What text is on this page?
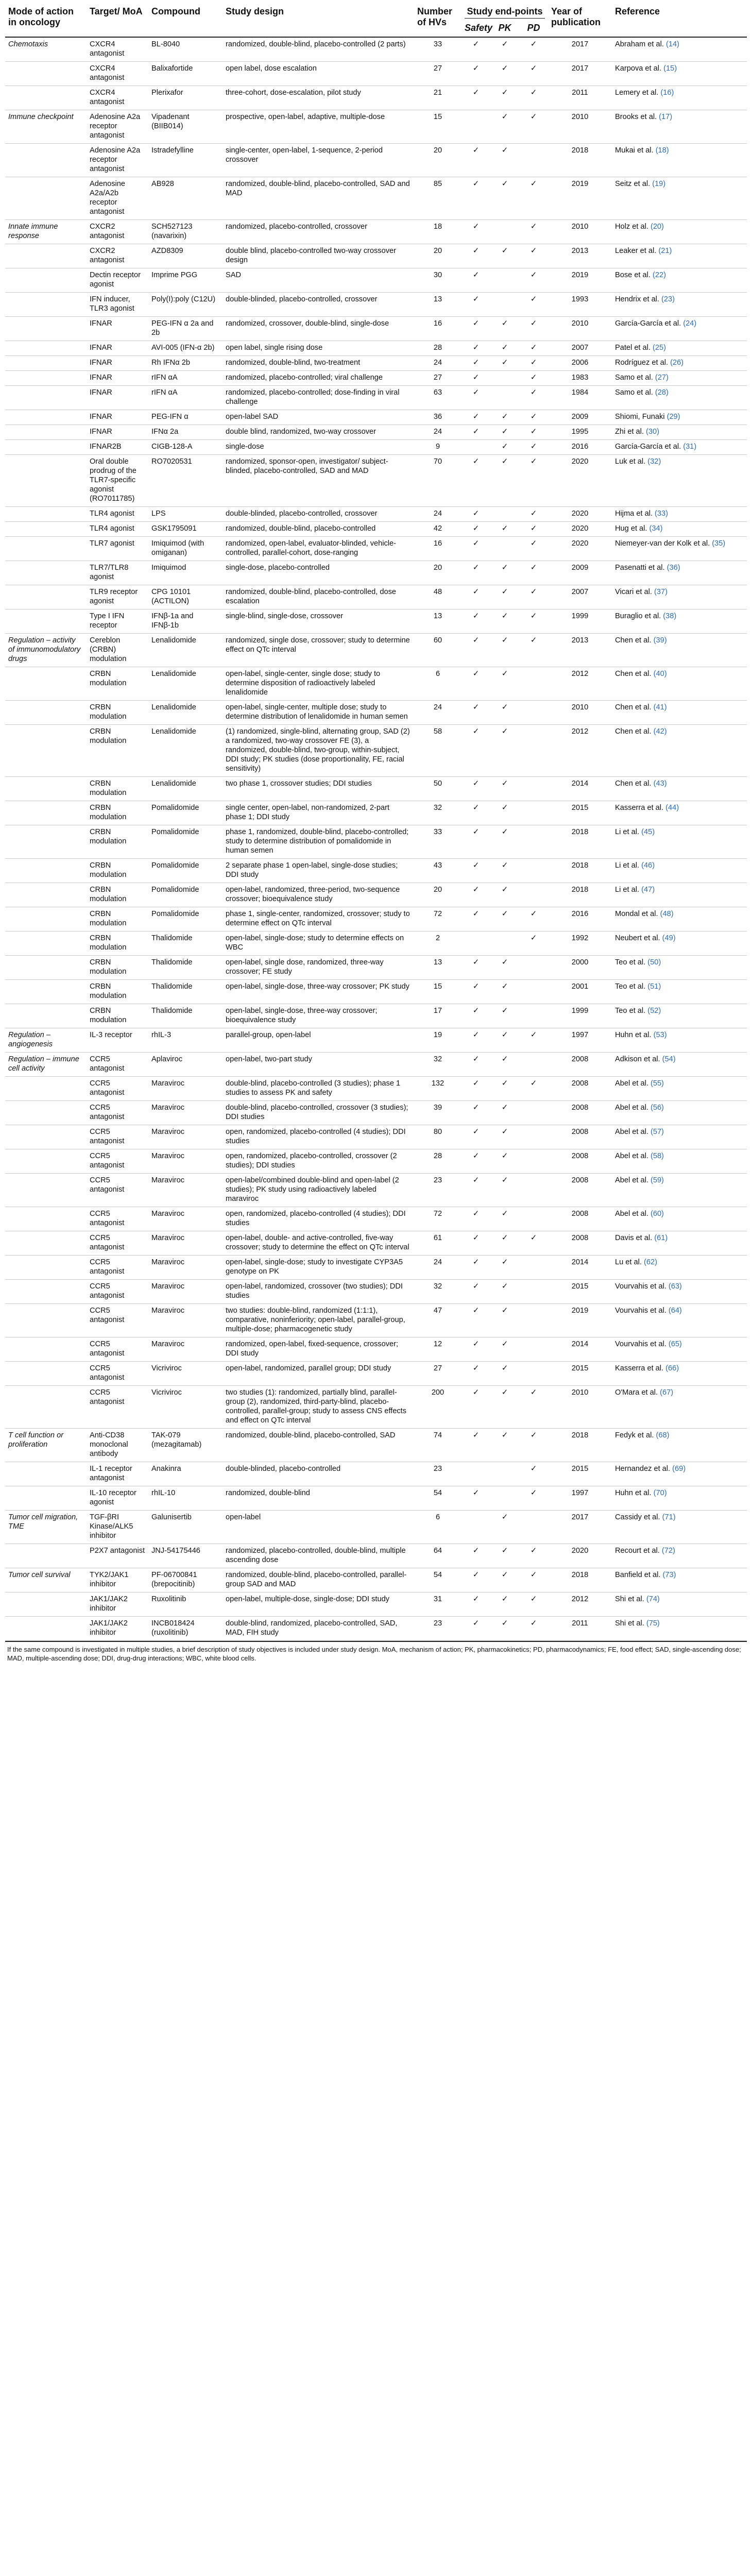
Mode of action in oncology	Target/ MoA	Compound	Study design	Number of HVs	Study end-points			Year of publication	Reference
					Safety	PK	PD		
Chemotaxis	CXCR4 antagonist	BL-8040	randomized, double-blind, placebo-controlled (2 parts)	33	✓	✓	✓	2017	Abraham et al. (14)
	CXCR4 antagonist	Balixafortide	open label, dose escalation	27	✓	✓	✓	2017	Karpova et al. (15)
	CXCR4 antagonist	Plerixafor	three-cohort, dose-escalation, pilot study	21	✓	✓	✓	2011	Lemery et al. (16)
Immune checkpoint	Adenosine A2a receptor antagonist	Vipadenant (BIIB014)	prospective, open-label, adaptive, multiple-dose	15		✓	✓	2010	Brooks et al. (17)
	Adenosine A2a receptor antagonist	Istradefylline	single-center, open-label, 1-sequence, 2-period crossover	20	✓	✓		2018	Mukai et al. (18)
	Adenosine A2a/A2b receptor antagonist	AB928	randomized, double-blind, placebo-controlled, SAD and MAD	85	✓	✓	✓	2019	Seitz et al. (19)
Innate immune response	CXCR2 antagonist	SCH527123 (navarixin)	randomized, placebo-controlled, crossover	18	✓		✓	2010	Holz et al. (20)
	CXCR2 antagonist	AZD8309	double blind, placebo-controlled two-way crossover design	20	✓	✓	✓	2013	Leaker et al. (21)
	Dectin receptor agonist	Imprime PGG	SAD	30	✓		✓	2019	Bose et al. (22)
	IFN inducer, TLR3 agonist	Poly(I):poly (C12U)	double-blinded, placebo-controlled, crossover	13	✓		✓	1993	Hendrix et al. (23)
	IFNAR	PEG-IFN α 2a and 2b	randomized, crossover, double-blind, single-dose	16	✓	✓	✓	2010	García-García et al. (24)
	IFNAR	AVI-005 (IFN-α 2b)	open label, single rising dose	28	✓	✓	✓	2007	Patel et al. (25)
	IFNAR	Rh IFNα 2b	randomized, double-blind, two-treatment	24	✓	✓	✓	2006	Rodríguez et al. (26)
	IFNAR	rIFN αA	randomized, placebo-controlled; viral challenge	27	✓		✓	1983	Samo et al. (27)
	IFNAR	rIFN αA	randomized, placebo-controlled; dose-finding in viral challenge	63	✓		✓	1984	Samo et al. (28)
	IFNAR	PEG-IFN α	open-label SAD	36	✓	✓	✓	2009	Shiomi, Funaki (29)
	IFNAR	IFNα 2a	double blind, randomized, two-way crossover	24	✓	✓	✓	1995	Zhi et al. (30)
	IFNAR2B	CIGB-128-A	single-dose	9		✓	✓	2016	García-García et al. (31)
	Oral double prodrug of the TLR7-specific agonist (RO7011785)	RO7020531	randomized, sponsor-open, investigator/ subject-blinded, placebo-controlled, SAD and MAD	70	✓	✓	✓	2020	Luk et al. (32)
	TLR4 agonist	LPS	double-blinded, placebo-controlled, crossover	24	✓		✓	2020	Hijma et al. (33)
	TLR4 agonist	GSK1795091	randomized, double-blind, placebo-controlled	42	✓	✓	✓	2020	Hug et al. (34)
	TLR7 agonist	Imiquimod (with omiganan)	randomized, open-label, evaluator-blinded, vehicle-controlled, parallel-cohort, dose-ranging	16	✓		✓	2020	Niemeyer-van der Kolk et al. (35)
	TLR7/TLR8 agonist	Imiquimod	single-dose, placebo-controlled	20	✓	✓	✓	2009	Pasenatti et al. (36)
	TLR9 receptor agonist	CPG 10101 (ACTILON)	randomized, double-blind, placebo-controlled, dose escalation	48	✓	✓	✓	2007	Vicari et al. (37)
	Type I IFN receptor	IFNβ-1a and IFNβ-1b	single-blind, single-dose, crossover	13	✓	✓	✓	1999	Buraglio et al. (38)
Regulation – activity of immunomodulatory drugs	Cereblon (CRBN) modulation	Lenalidomide	randomized, single dose, crossover; study to determine effect on QTc interval	60	✓	✓	✓	2013	Chen et al. (39)
	CRBN modulation	Lenalidomide	open-label, single-center, single dose; study to determine disposition of radioactively labeled lenalidomide	6	✓	✓		2012	Chen et al. (40)
	CRBN modulation	Lenalidomide	open-label, single-center, multiple dose; study to determine distribution of lenalidomide in human semen	24	✓	✓		2010	Chen et al. (41)
	CRBN modulation	Lenalidomide	(1) randomized, single-blind, alternating group, SAD (2) a randomized, two-way crossover FE (3), a randomized, double-blind, two-group, within-subject, DDI study; PK studies (dose proportionality, FE, racial sensitivity)	58	✓	✓		2012	Chen et al. (42)
	CRBN modulation	Lenalidomide	two phase 1, crossover studies; DDI studies	50	✓	✓		2014	Chen et al. (43)
	CRBN modulation	Pomalidomide	single center, open-label, non-randomized, 2-part phase 1; DDI study	32	✓	✓		2015	Kasserra et al. (44)
	CRBN modulation	Pomalidomide	phase 1, randomized, double-blind, placebo-controlled; study to determine distribution of pomalidomide in human semen	33	✓	✓		2018	Li et al. (45)
	CRBN modulation	Pomalidomide	2 separate phase 1 open-label, single-dose studies; DDI study	43	✓	✓		2018	Li et al. (46)
	CRBN modulation	Pomalidomide	open-label, randomized, three-period, two-sequence crossover; bioequivalence study	20	✓	✓		2018	Li et al. (47)
	CRBN modulation	Pomalidomide	phase 1, single-center, randomized, crossover; study to determine effect on QTc interval	72	✓	✓	✓	2016	Mondal et al. (48)
	CRBN modulation	Thalidomide	open-label, single-dose; study to determine effects on WBC	2			✓	1992	Neubert et al. (49)
	CRBN modulation	Thalidomide	open-label, single dose, randomized, three-way crossover; FE study	13	✓	✓		2000	Teo et al. (50)
	CRBN modulation	Thalidomide	open-label, single-dose, three-way crossover; PK study	15	✓	✓		2001	Teo et al. (51)
	CRBN modulation	Thalidomide	open-label, single-dose, three-way crossover; bioequivalence study	17	✓	✓		1999	Teo et al. (52)
Regulation – angiogenesis	IL-3 receptor	rhIL-3	parallel-group, open-label	19	✓	✓	✓	1997	Huhn et al. (53)
Regulation – immune cell activity	CCR5 antagonist	Aplaviroc	open-label, two-part study	32	✓	✓		2008	Adkison et al. (54)
	CCR5 antagonist	Maraviroc	double-blind, placebo-controlled (3 studies); phase 1 studies to assess PK and safety	132	✓	✓	✓	2008	Abel et al. (55)
	CCR5 antagonist	Maraviroc	double-blind, placebo-controlled, crossover (3 studies); DDI studies	39	✓	✓		2008	Abel et al. (56)
	CCR5 antagonist	Maraviroc	open, randomized, placebo-controlled (4 studies); DDI studies	80	✓	✓		2008	Abel et al. (57)
	CCR5 antagonist	Maraviroc	open, randomized, placebo-controlled, crossover (2 studies); DDI studies	28	✓	✓		2008	Abel et al. (58)
	CCR5 antagonist	Maraviroc	open-label/combined double-blind and open-label (2 studies); PK study using radioactively labeled maraviroc	23	✓	✓		2008	Abel et al. (59)
	CCR5 antagonist	Maraviroc	open, randomized, placebo-controlled (4 studies); DDI studies	72	✓	✓		2008	Abel et al. (60)
	CCR5 antagonist	Maraviroc	open-label, double- and active-controlled, five-way crossover; study to determine the effect on QTc interval	61	✓	✓	✓	2008	Davis et al. (61)
	CCR5 antagonist	Maraviroc	open-label, single-dose; study to investigate CYP3A5 genotype on PK	24	✓	✓		2014	Lu et al. (62)
	CCR5 antagonist	Maraviroc	open-label, randomized, crossover (two studies); DDI studies	32	✓	✓		2015	Vourvahis et al. (63)
	CCR5 antagonist	Maraviroc	two studies: double-blind, randomized (1:1:1), comparative, noninferiority; open-label, parallel-group, multiple-dose; pharmacogenetic study	47	✓	✓		2019	Vourvahis et al. (64)
	CCR5 antagonist	Maraviroc	randomized, open-label, fixed-sequence, crossover; DDI study	12	✓	✓		2014	Vourvahis et al. (65)
	CCR5 antagonist	Vicriviroc	open-label, randomized, parallel group; DDI study	27	✓	✓		2015	Kasserra et al. (66)
	CCR5 antagonist	Vicriviroc	two studies (1): randomized, partially blind, parallel-group (2), randomized, third-party-blind, placebo-controlled, parallel-group; study to assess CNS effects and effect on QTc interval	200	✓	✓	✓	2010	O'Mara et al. (67)
T cell function or proliferation	Anti-CD38 monoclonal antibody	TAK-079 (mezagitamab)	randomized, double-blind, placebo-controlled, SAD	74	✓	✓	✓	2018	Fedyk et al. (68)
	IL-1 receptor antagonist	Anakinra	double-blinded, placebo-controlled	23			✓	2015	Hernandez et al. (69)
	IL-10 receptor agonist	rhIL-10	randomized, double-blind	54	✓		✓	1997	Huhn et al. (70)
Tumor cell migration, TME	TGF-βRI Kinase/ALK5 inhibitor	Galunisertib	open-label	6		✓		2017	Cassidy et al. (71)
	P2X7 antagonist	JNJ-54175446	randomized, placebo-controlled, double-blind, multiple ascending dose	64	✓	✓	✓	2020	Recourt et al. (72)
Tumor cell survival	TYK2/JAK1 inhibitor	PF-06700841 (brepocitinib)	randomized, double-blind, placebo-controlled, parallel-group SAD and MAD	54	✓	✓	✓	2018	Banfield et al. (73)
	JAK1/JAK2 inhibitor	Ruxolitinib	open-label, multiple-dose, single-dose; DDI study	31	✓	✓	✓	2012	Shi et al. (74)
	JAK1/JAK2 inhibitor	INCB018424 (ruxolitinib)	double-blind, randomized, placebo-controlled, SAD, MAD, FIH study	23	✓	✓	✓	2011	Shi et al. (75)
If the same compound is investigated in multiple studies, a brief description of study objectives is included under study design. MoA, mechanism of action; PK, pharmacokinetics; PD, pharmacodynamics; FE, food effect; SAD, single-ascending dose; MAD, multiple-ascending dose; DDI, drug-drug interactions; WBC, white blood cells.
